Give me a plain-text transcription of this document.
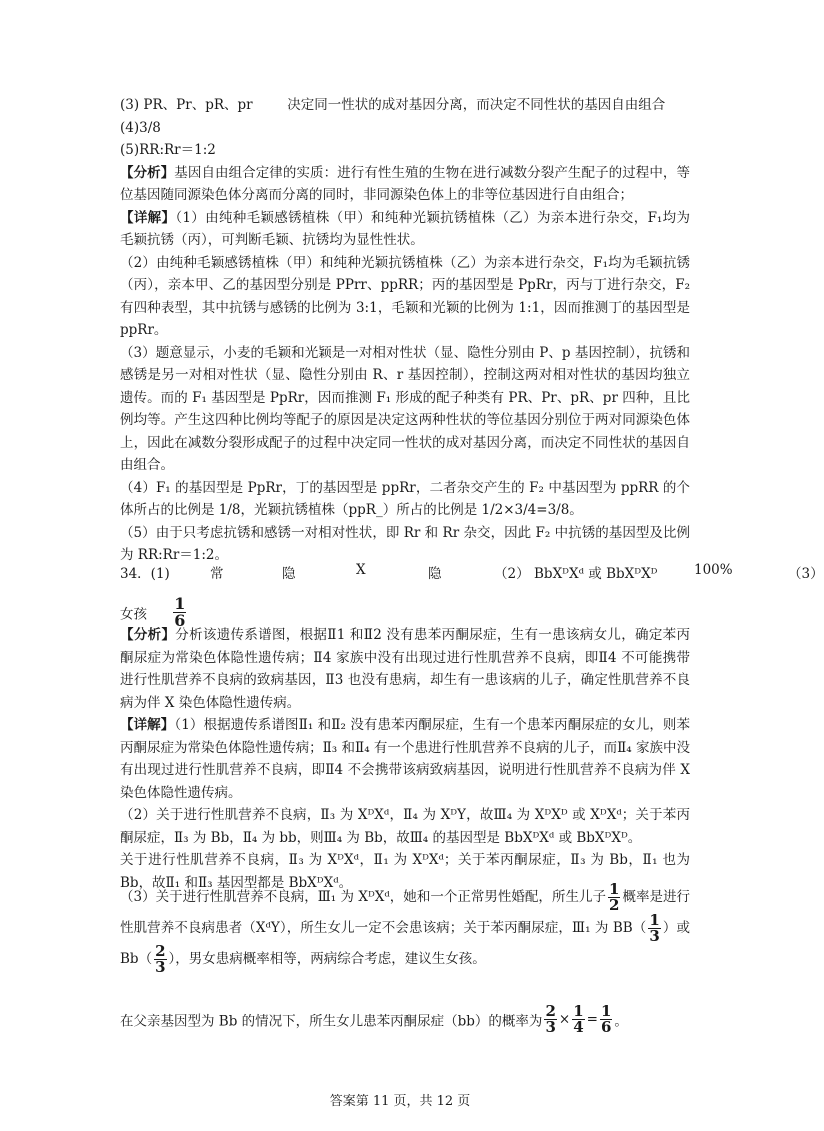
(3) PR、Pr、pR、pr	决定同一性状的成对基因分离，而决定不同性状的基因自由组合

(4)3/8

(5)RR:Rr＝1:2

【分析】基因自由组合定律的实质：进行有性生殖的生物在进行减数分裂产生配子的过程中，等位基因随同源染色体分离而分离的同时，非同源染色体上的非等位基因进行自由组合；

【详解】（1）由纯种毛颖感锈植株（甲）和纯种光颖抗锈植株（乙）为亲本进行杂交，F₁均为毛颖抗锈（丙），可判断毛颖、抗锈均为显性性状。

（2）由纯种毛颖感锈植株（甲）和纯种光颖抗锈植株（乙）为亲本进行杂交，F₁均为毛颖抗锈（丙），亲本甲、乙的基因型分别是 PPrr、ppRR；丙的基因型是 PpRr，丙与丁进行杂交，F₂有四种表型，其中抗锈与感锈的比例为 3:1，毛颖和光颖的比例为 1:1，因而推测丁的基因型是 ppRr。

（3）题意显示，小麦的毛颖和光颖是一对相对性状（显、隐性分别由 P、p 基因控制），抗锈和感锈是另一对相对性状（显、隐性分别由 R、r 基因控制），控制这两对相对性状的基因均独立遗传。而的 F₁ 基因型是 PpRr，因而推测 F₁ 形成的配子种类有 PR、Pr、pR、pr 四种，且比例均等。产生这四种比例均等配子的原因是决定这两种性状的等位基因分别位于两对同源染色体上，因此在减数分裂形成配子的过程中决定同一性状的成对基因分离，而决定不同性状的基因自由组合。

（4）F₁ 的基因型是 PpRr，丁的基因型是 ppRr，二者杂交产生的 F₂ 中基因型为 ppRR 的个体所占的比例是 1/8，光颖抗锈植株（ppR_）所占的比例是 1/2×3/4=3/8。

（5）由于只考虑抗锈和感锈一对相对性状，即 Rr 和 Rr 杂交，因此 F₂ 中抗锈的基因型及比例为 RR:Rr＝1:2。

34．(1)	常	隐	X	隐	（2） BbXᴰXᵈ 或 BbXᴰXᴰ	100%	（3）
女孩 $\frac{1}{6}$

【分析】分析该遗传系谱图，根据Ⅱ1 和Ⅱ2 没有患苯丙酮尿症，生有一患该病女儿，确定苯丙酮尿症为常染色体隐性遗传病；Ⅱ4 家族中没有出现过进行性肌营养不良病，即Ⅱ4 不可能携带进行性肌营养不良病的致病基因，Ⅱ3 也没有患病，却生有一患该病的儿子，确定性肌营养不良病为伴 X 染色体隐性遗传病。

【详解】（1）根据遗传系谱图Ⅱ₁ 和Ⅱ₂ 没有患苯丙酮尿症，生有一个患苯丙酮尿症的女儿，则苯丙酮尿症为常染色体隐性遗传病；Ⅱ₃ 和Ⅱ₄ 有一个患进行性肌营养不良病的儿子，而Ⅱ₄ 家族中没有出现过进行性肌营养不良病，即Ⅱ4 不会携带该病致病基因，说明进行性肌营养不良病为伴 X 染色体隐性遗传病。

（2）关于进行性肌营养不良病，Ⅱ₃ 为 XᴰXᵈ，Ⅱ₄ 为 XᴰY，故Ⅲ₄ 为 XᴰXᴰ 或 XᴰXᵈ；关于苯丙酮尿症，Ⅱ₃ 为 Bb，Ⅱ₄ 为 bb，则Ⅲ₄ 为 Bb，故Ⅲ₄ 的基因型是 BbXᴰXᵈ 或 BbXᴰXᴰ。

关于进行性肌营养不良病，Ⅱ₃ 为 XᴰXᵈ，Ⅱ₁ 为 XᴰXᵈ；关于苯丙酮尿症，Ⅱ₃ 为 Bb，Ⅱ₁ 也为 Bb，故Ⅱ₁ 和Ⅱ₃ 基因型都是 BbXᴰXᵈ。

（3）关于进行性肌营养不良病，Ⅲ₁ 为 XᴰXᵈ，她和一个正常男性婚配，所生儿子 $\frac{1}{2}$ 概率是进行性肌营养不良病患者（XᵈY），所生女儿一定不会患该病；关于苯丙酮尿症，Ⅲ₁ 为 $BB( \frac{1}{3}$ ）或 $Bb( \frac{2}{3}$ ），男女患病概率相等，两病综合考虑，建议生女孩。

在父亲基因型为 Bb 的情况下，所生女儿患苯丙酮尿症（bb）的概率为 $\frac{2}{3} \times \frac{1}{4} = \frac{1}{6}$ 。
答案第 11 页，共 12 页
